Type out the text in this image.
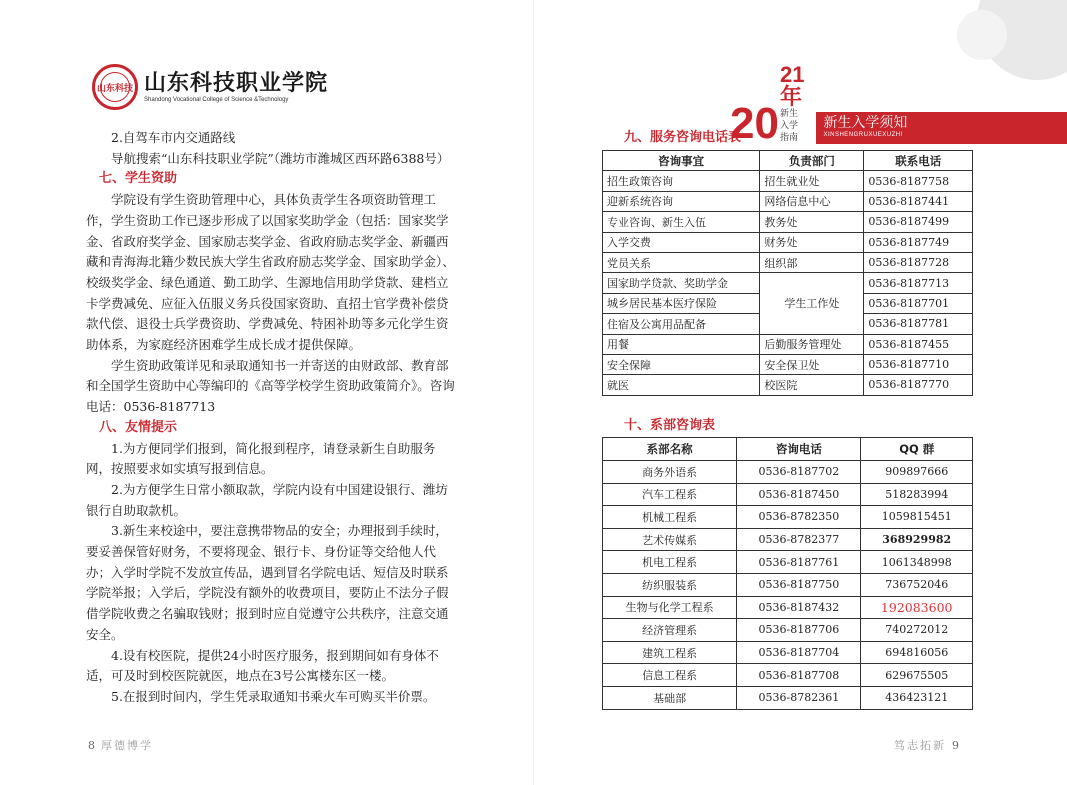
山东科技 山东科技职业学院
Shandong Vocational College of Science &Technology

2.自驾车市内交通路线

导航搜索“山东科技职业学院”（潍坊市潍城区西环路6388号）

七、学生资助

学院设有学生资助管理中心，具体负责学生各项资助管理工作，学生资助工作已逐步形成了以国家奖助学金（包括：国家奖学金、省政府奖学金、国家励志奖学金、省政府励志奖学金、新疆西藏和青海海北籍少数民族大学生省政府励志奖学金、国家助学金）、校级奖学金、绿色通道、勤工助学、生源地信用助学贷款、建档立卡学费减免、应征入伍服义务兵役国家资助、直招士官学费补偿贷款代偿、退役士兵学费资助、学费减免、特困补助等多元化学生资助体系，为家庭经济困难学生成长成才提供保障。

学生资助政策详见和录取通知书一并寄送的由财政部、教育部和全国学生资助中心等编印的《高等学校学生资助政策简介》。咨询电话：0536-8187713

八、友情提示

1.为方便同学们报到，简化报到程序，请登录新生自助服务网，按照要求如实填写报到信息。

2.为方便学生日常小额取款，学院内设有中国建设银行、潍坊银行自助取款机。

3.新生来校途中，要注意携带物品的安全；办理报到手续时，要妥善保管好财务，不要将现金、银行卡、身份证等交给他人代办；入学时学院不发放宣传品，遇到冒名学院电话、短信及时联系学院举报；入学后，学院没有额外的收费项目，要防止不法分子假借学院收费之名骗取钱财；报到时应自觉遵守公共秩序，注意交通安全。

4.设有校医院，提供24小时医疗服务，报到期间如有身体不适，可及时到校医院就医，地点在3号公寓楼东区一楼。

5.在报到时间内，学生凭录取通知书乘火车可购买半价票。

8 厚德博学
20
21年
新生入学指南
新生入学须知
XINSHENGRUXUEXUZHI
九、服务咨询电话表
咨询事宜	负责部门	联系电话
招生政策咨询	招生就业处	0536-8187758
迎新系统咨询	网络信息中心	0536-8187441
专业咨询、新生入伍	教务处	0536-8187499
入学交费	财务处	0536-8187749
党员关系	组织部	0536-8187728
国家助学贷款、奖助学金	学生工作处	0536-8187713
城乡居民基本医疗保险		0536-8187701
住宿及公寓用品配备		0536-8187781
用餐	后勤服务管理处	0536-8187455
安全保障	安全保卫处	0536-8187710
就医	校医院	0536-8187770
十、系部咨询表
系部名称	咨询电话	QQ 群
商务外语系	0536-8187702	909897666
汽车工程系	0536-8187450	518283994
机械工程系	0536-8782350	1059815451
艺术传媒系	0536-8782377	368929982
机电工程系	0536-8187761	1061348998
纺织服装系	0536-8187750	736752046
生物与化学工程系	0536-8187432	192083600
经济管理系	0536-8187706	740272012
建筑工程系	0536-8187704	694816056
信息工程系	0536-8187708	629675505
基础部	0536-8782361	436423121
笃志拓新 9
